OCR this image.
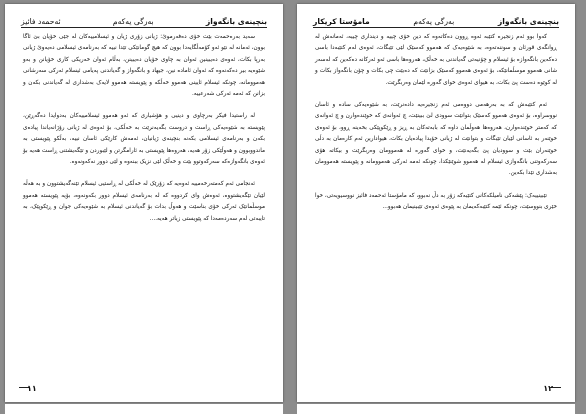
بنچینەی بانگەواز
بەرگی یەکەم
ئەحمەد فائیز

سەید بەرەحمەت بێت خۆی دەفەرموێ: ژیانی زۆری ژیان و ئیسلامییەکان لە جێی خۆیان بێ ئاگا بوون، ئەمانە لە نێو ئەو کۆمەڵگایەدا بوون کە هیچ گومانێکی تێدا نییە کە بەرنامەی ئیسلامی دەیەوێ ژیانی بەرپا بکات، ئەوەی دەیبینین ئەوان بە چاوی خۆیان دەیبینن، بەڵام ئەوان خەریکی کاری خۆیانن و بەو شێوەیە بیر دەکەنەوە کە ئەوان ئامادە نین، جیهاد و بانگەواز و گەیاندنی پەیامی ئیسلام ئەرکی سەرشانی هەموومانە، چونکە ئیسلام ئایینی هەموو خەڵکە و پێویستە هەموو لایەک بەشداری لە گەیاندنی بکەن و بزانن کە ئەمە ئەرکی شەرعییە.

لە راستیدا فیکر بەرچاوی و دینیی و هۆشیاری کە ئەو هەموو ئیسلامییەکان بەدوایدا دەگەڕێن، پێویستە بە شێوەیەکی ڕاست و دروست بگەیەنرێت بە خەڵکی، بۆ ئەوەی لە ژیانی رۆژانەیاندا پیادەی بکەن و بەرنامەی ئیسلامی بکەنە بنچینەی ژیانیان، ئەمەش کارێکی ئاسان نییە، بەڵکو پێویستی بە ماندووبوون و هەوڵێکی زۆر هەیە، هەروەها پێویستی بە ئارامگرتن و لێبوردن و تێگەیشتنی ڕاست هەیە بۆ ئەوەی بانگەوازەکە سەرکەوتوو بێت و خەڵک لێی نزیک ببنەوە و لێی دوور نەکەونەوە.

ئەنجامی ئەم کەمتەرخەمییە ئەوەیە کە زۆرێک لە خەڵکی لە ڕاستیی ئیسلام تێنەگەیشتوون و بە هەڵە لێیان تێگەیشتووە، ئەوەش وای کردووە کە لە بەرنامەی ئیسلام دوور بکەونەوە، بۆیە پێویستە هەموو موسڵمانێک ئەرکی خۆی بناسێت و هەوڵ بدات بۆ گەیاندنی ئیسلام بە شێوەیەکی جوان و ڕێکوپێک، بە تایبەتی لەم سەردەمەدا کە پێویستی زیاتر هەیە....

١١
بنچینەی بانگەواز
بەرگی یەکەم
مامۆستا کریکار

کەوا بوو ئەم زنجیرە کتێبە ئەوە ڕوون دەکاتەوە کە دین خۆی چییە و دینداری چییە، ئەمانەش لە ڕوانگەی قورئان و سوننەتەوە، بە شێوەیەک کە هەموو کەسێک لێی تێبگات، ئەوەی لەم کتێبەدا باسی دەکەین بانگەوازە بۆ ئیسلام و چۆنیەتی گەیاندنی بە خەڵک، هەروەها باسی ئەو ئەرکانە دەکەین کە لەسەر شانی هەموو موسڵمانێکە، بۆ ئەوەی هەموو کەسێک بزانێت کە دەبێت چی بکات و چۆن بانگەواز بکات و لە کوێوە دەست پێ بکات، بە هیوای ئەوەی خوای گەورە لێمان وەربگرێت.

ئەم کتێبەش کە بە بەرهەمی دووەمی ئەم زنجیرەیە دادەنرێت، بە شێوەیەکی سادە و ئاسان نووسراوە، بۆ ئەوەی هەموو کەسێک بتوانێت سوودی لێ ببینێت، چ ئەوانەی کە خوێندەوارن و چ ئەوانەی کە کەمتر خوێندەوارن، هەروەها هەوڵمان داوە کە بابەتەکان بە ڕیز و ڕێکوپێکی بخەینە ڕوو، بۆ ئەوەی خوێنەر بە ئاسانی لێیان تێبگات و بتوانێت لە ژیانی خۆیدا پیادەیان بکات، هیوادارین ئەم کارەمان بە دڵی خوێنەران بێت و سوودیان پێ بگەیەنێت، و خوای گەورە لە هەموومان وەربگرێت و بیکاتە هۆی سەرکەوتنی بانگەوازی ئیسلام لە هەموو شوێنێکدا، چونکە ئەمە ئەرکی هەموومانە و پێویستە هەموومان بەشداری تێدا بکەین.

تێبینییەک: پێشەکی نامیلکەکانی کتێبەکە زۆر بە دڵ نەبوو، کە مامۆستا ئەحمەد فائیز نووسیویەتی، خوا خێری بنووسێت، چونکە ئێمە کتێبەکەیمان بە پێوەی ئەوەی تێبینیمان هەبوو...

١٢
